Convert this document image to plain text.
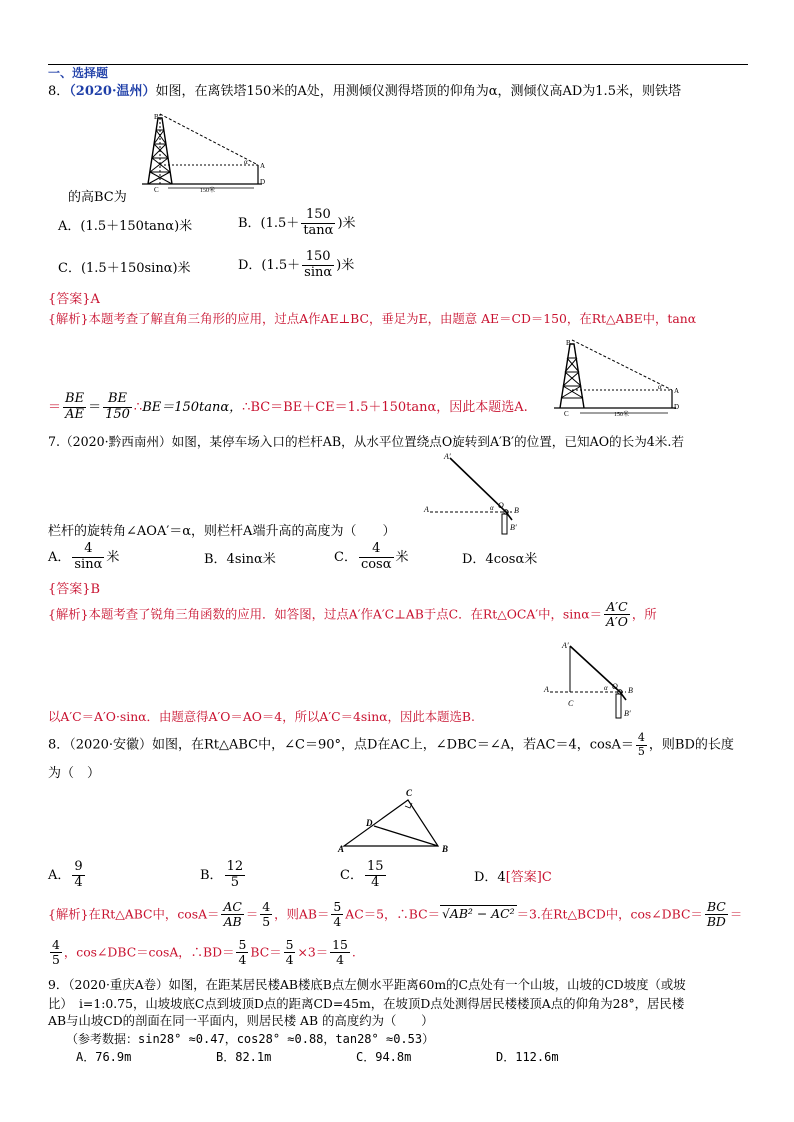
一、选择题
8．（2020·温州）如图，在离铁塔150米的A处，用测倾仪测得塔顶的仰角为α，测倾仪高AD为1.5米，则铁塔
B
A
D
C
α
150米
的高BC为
A．(1.5＋150tanα)米	B．($1.5+ \frac{150}{\tan\alpha}$ )米
C．(1.5＋150sinα)米	D．($1.5+ \frac{150}{\sin\alpha}$ )米
{答案}A
{解析}本题考查了解直角三角形的应用，过点A作AE⊥BC，垂足为E，由题意 AE＝CD＝150，在Rt△ABE中，tanα
B
A
D
C
α
150米
＝ $\frac{BE}{AE} = \frac{BE}{150}$ ∴BE＝150tanα，∴BC＝BE＋CE＝1.5＋150tanα，因此本题选A.
7.（2020·黔西南州）如图，某停车场入口的栏杆AB，从水平位置绕点O旋转到A′B′的位置，已知AO的长为4米.若
A′
A	O
B
B′
α
栏杆的旋转角∠AOA′＝α，则栏杆A端升高的高度为（　　）
A． $\frac{4}{\sin\alpha}$ 米	B．4sinα米	C． $\frac{4}{\cos\alpha}$ 米	D．4cosα米
{答案}B
{解析}本题考查了锐角三角函数的应用．如答图，过点A′作A′C⊥AB于点C．在Rt△OCA′中，$\sin\alpha= \frac{A'C}{A'O}$ ，所
A′
A	O B
B′
α
C
以A′C＝A′O·sinα．由题意得A′O＝AO＝4，所以A′C＝4sinα，因此本题选B.
8．（2020·安徽）如图，在Rt△ABC中，∠C＝90°，点D在AC上，∠DBC＝∠A，若AC＝4，$\cos A= \frac{4}{5}$ ，则BD的长度
为（　）
A	B
C
D
A． $\frac{9}{4}$	B． $\frac{12}{5}$	C． $\frac{15}{4}$	D．4[答案]C
{解析}在Rt△ABC中，$\cos A= \frac{AC}{AB} = \frac{4}{5}$ ，则$AB= \frac{5}{4} AC=5$，∴BC＝ √AB² − AC² ＝3.在Rt△BCD中，cos∠DBC＝ $\frac{BC}{BD}$ ＝
$\frac{4}{5}$ ，cos∠DBC＝cosA，∴BD＝ $\frac{5}{4} BC= \frac{5}{4} \times 3= \frac{15}{4}$ .
9．（2020·重庆A卷）如图，在距某居民楼AB楼底B点左侧水平距离60m的C点处有一个山坡，山坡的CD坡度（或坡
比）　i=1:0.75，山坡坡底C点到坡顶D点的距离CD=45m，在坡顶D点处测得居民楼楼顶A点的仰角为28°，居民楼
AB与山坡CD的剖面在同一平面内，则居民楼 AB 的高度约为（　　）
（参考数据：sin28° ≈0.47，cos28° ≈0.88，tan28° ≈0.53）
A．76.9m	B．82.1m	C．94.8m	D．112.6m
